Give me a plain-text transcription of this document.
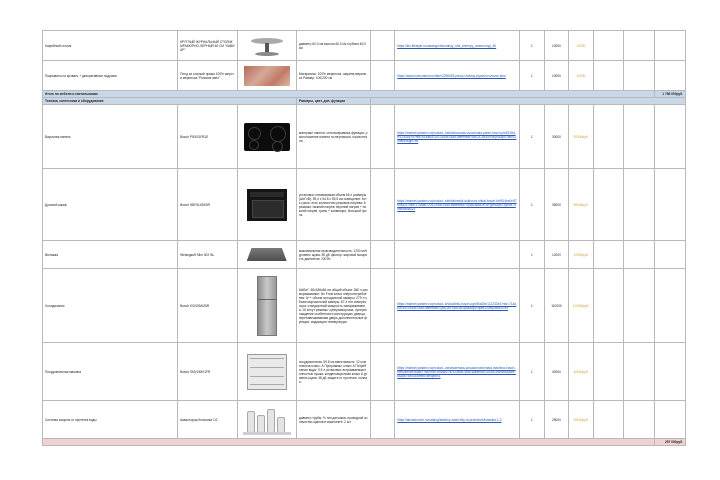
Кофейный столик	КРУГЛЫЙ ЖУРНАЛЬНЫЙ СТОЛИК МРАМОРНО-ЧЕРНЫЙ 60 СМ "КАВИАР"		диаметр 60,0 см высота 60,0 см глубина 60,0 см		https://kiv-lifestyle.ru/catalog/zhurnalnyy_stol_chernyy_mramornyy_60	1	10000	10000			
Покрывало на кровать + декоративные подушки	Плед из хлопкой пряжи 100% шерсти мериноса "Розовое кино"		Материалы: 100% мериноса, ширина мериноса Размер: 100/200 см		https://www.lovecustom.ru/item/2296053-pled-iz-tolstoy-pryazhi-rozovoe-kino	1	10000	10000			
Итого по мебели и светильникам											1 786 000руб.
Техника, сантехника и оборудование			Размеры, цвет, доп. функции								
Варочная панель	Bosch PIE631FB1E		материал панели: стеклокерамика функции: расположение панели по вертикали, горизонтали		https://market.yandex.ru/product--induktsionnaia-varochnaia-panel-bosch-pie631fb1e/12345678?nid=61&sku=101234567&do-waremd5=Ab12CdEfGh34IjKl&cpc=abc123def456ghi789	1	30000	30000руб.			
Духовой шкаф	Bosch HBF514BS0R		установка: независимая объем 66 л размеры (ШхГхВ): 59.4 x 54.8 x 59.5 см освещение: есть гриль: есть количество режимов нагрева: 8 режимы: нижний нагрев, верхний нагрев + нижний нагрев, гриль + конвекция, большой гриль		https://market.yandex.ru/product--elektricheskii-dukhovoi-shkaf-bosch-hbf514bs0r/87654321?nid=17&sku=201234567&do-waremd5=Xy98ZaBcDe76FgHi&cpc=xyz987uvw654rst321	1	35000	35000руб.			
Вытяжка	Weissgauff Slim 30X BL		максимальная производительность: 1200 м³/ч уровень шума: 50 дБ фильтр: жировой мощность двигателя: 230 Вт			1	12000	12000руб.			
Холодильник	Bosch KGN39AI26R		ШхВхГ: 60х186х66 см общий объем: 366 л размораживание: No Frost класс энергопотребления: A++ объем холодильной камеры: 279 л объем морозильной камеры: 87 л тип компрессора: стандартный мощность замораживания: 16 кг/сут режимы: суперзаморозка, суперохлаждение особенности конструкции: дверца, перенавешиваемая дверь дополнительные функции: индикация температуры		https://market.yandex.ru/product--kholodilnik-bosch-kgn39ai26r/11223344?nid=71&sku=301234567&do-waremd5=Qw12ErTyUi34OpAs&cpc=qwe123rty456uio789	1	110000	110000руб.			
Посудомоечная машина	Bosch SMV2IMX1FR		посудомоечная: 59.8 см вместимость: 12 комплектов класс: А Программы: класс A Потребление воды: 9.5 л установка: встраиваемая полностью сушка: конденсационная класс А уровень шума: 48 дБ защита от протечек: полная		https://market.yandex.ru/product--vstraivaemaia-posudomoechnaia-mashina-bosch-smv2imx1fr/55667788?nid=19&sku=401234567&do-waremd5=Zx34CvBn56MqWe78&cpc=zxc345vbn678mqw901	1	40000	40000руб.			
Система защиты от протечек воды	Аквасторож Классика 1/2		диаметр трубы: ½ тип датчиков: проводной количество кранов в комплекте: 2 шт.		https://akvastorozh.ru/catalog/sistemy-zashchity-ot-protechek/klassika-1-2	1	25000	25000руб.			
											257 000руб.
